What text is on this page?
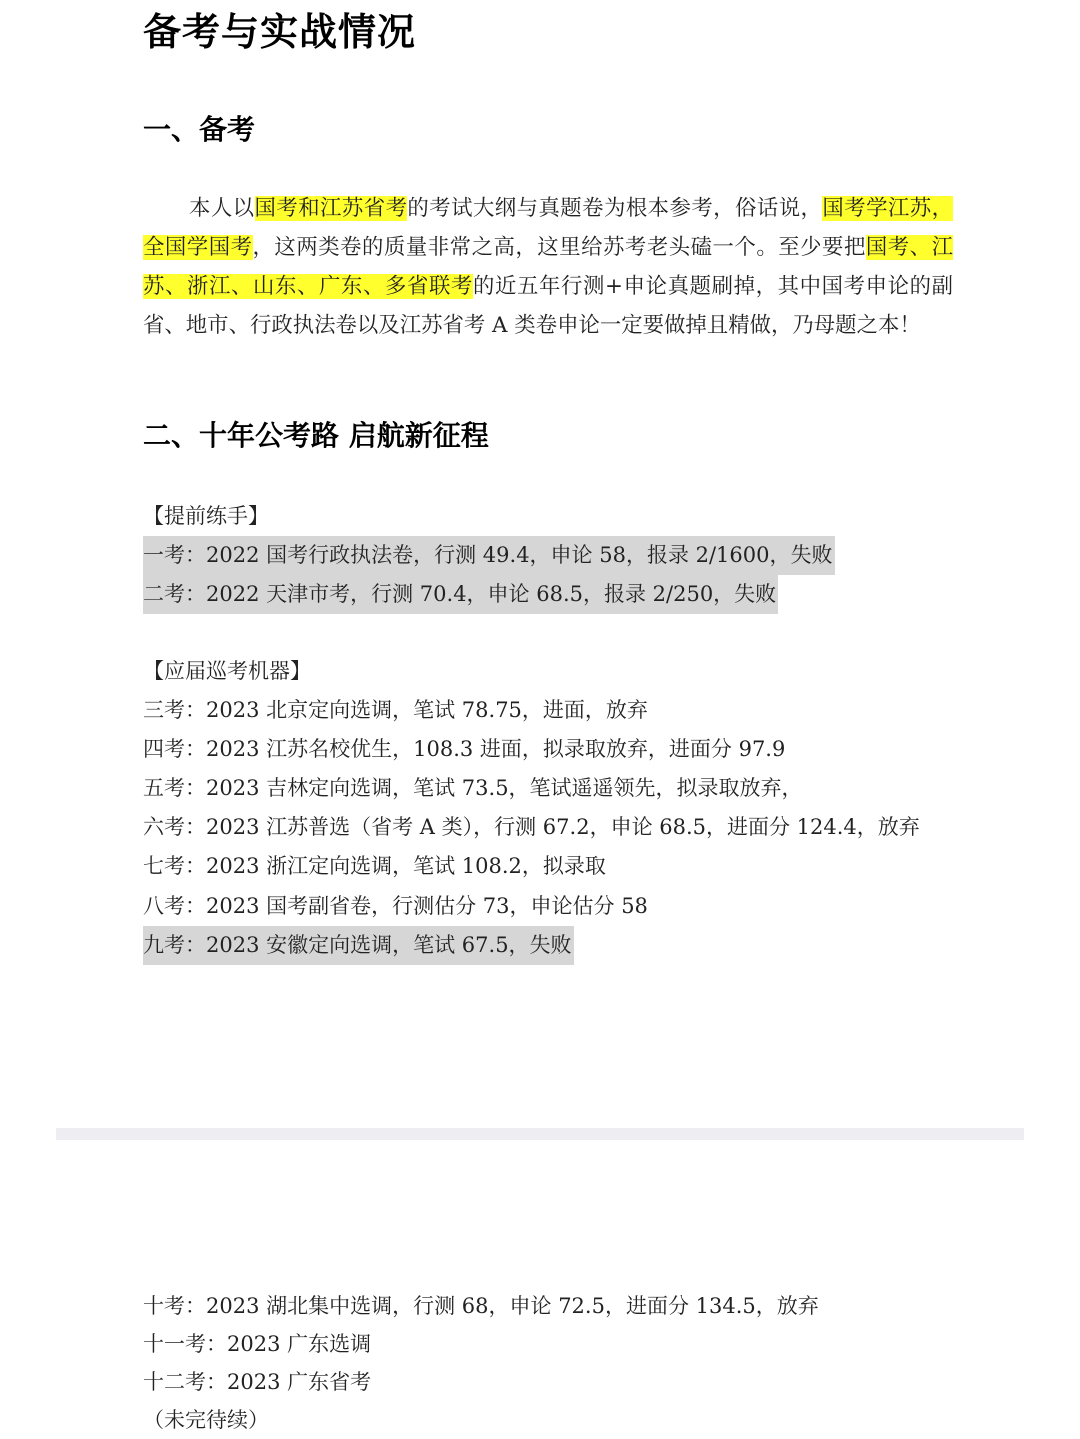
备考与实战情况
一、备考

本人以国考和江苏省考的考试大纲与真题卷为根本参考，俗话说，国考学江苏，全国学国考，这两类卷的质量非常之高，这里给苏考老头磕一个。至少要把国考、江苏、浙江、山东、广东、多省联考的近五年行测+申论真题刷掉，其中国考申论的副省、地市、行政执法卷以及江苏省考 A 类卷申论一定要做掉且精做，乃母题之本！

二、十年公考路 启航新征程
【提前练手】
一考：2022 国考行政执法卷，行测 49.4，申论 58，报录 2/1600，失败
二考：2022 天津市考，行测 70.4，申论 68.5，报录 2/250，失败
【应届巡考机器】
三考：2023 北京定向选调，笔试 78.75，进面，放弃
四考：2023 江苏名校优生，108.3 进面，拟录取放弃，进面分 97.9
五考：2023 吉林定向选调，笔试 73.5，笔试遥遥领先，拟录取放弃，
六考：2023 江苏普选（省考 A 类），行测 67.2，申论 68.5，进面分 124.4，放弃
七考：2023 浙江定向选调，笔试 108.2，拟录取
八考：2023 国考副省卷，行测估分 73，申论估分 58
九考：2023 安徽定向选调，笔试 67.5，失败
十考：2023 湖北集中选调，行测 68，申论 72.5，进面分 134.5，放弃
十一考：2023 广东选调
十二考：2023 广东省考
（未完待续）
